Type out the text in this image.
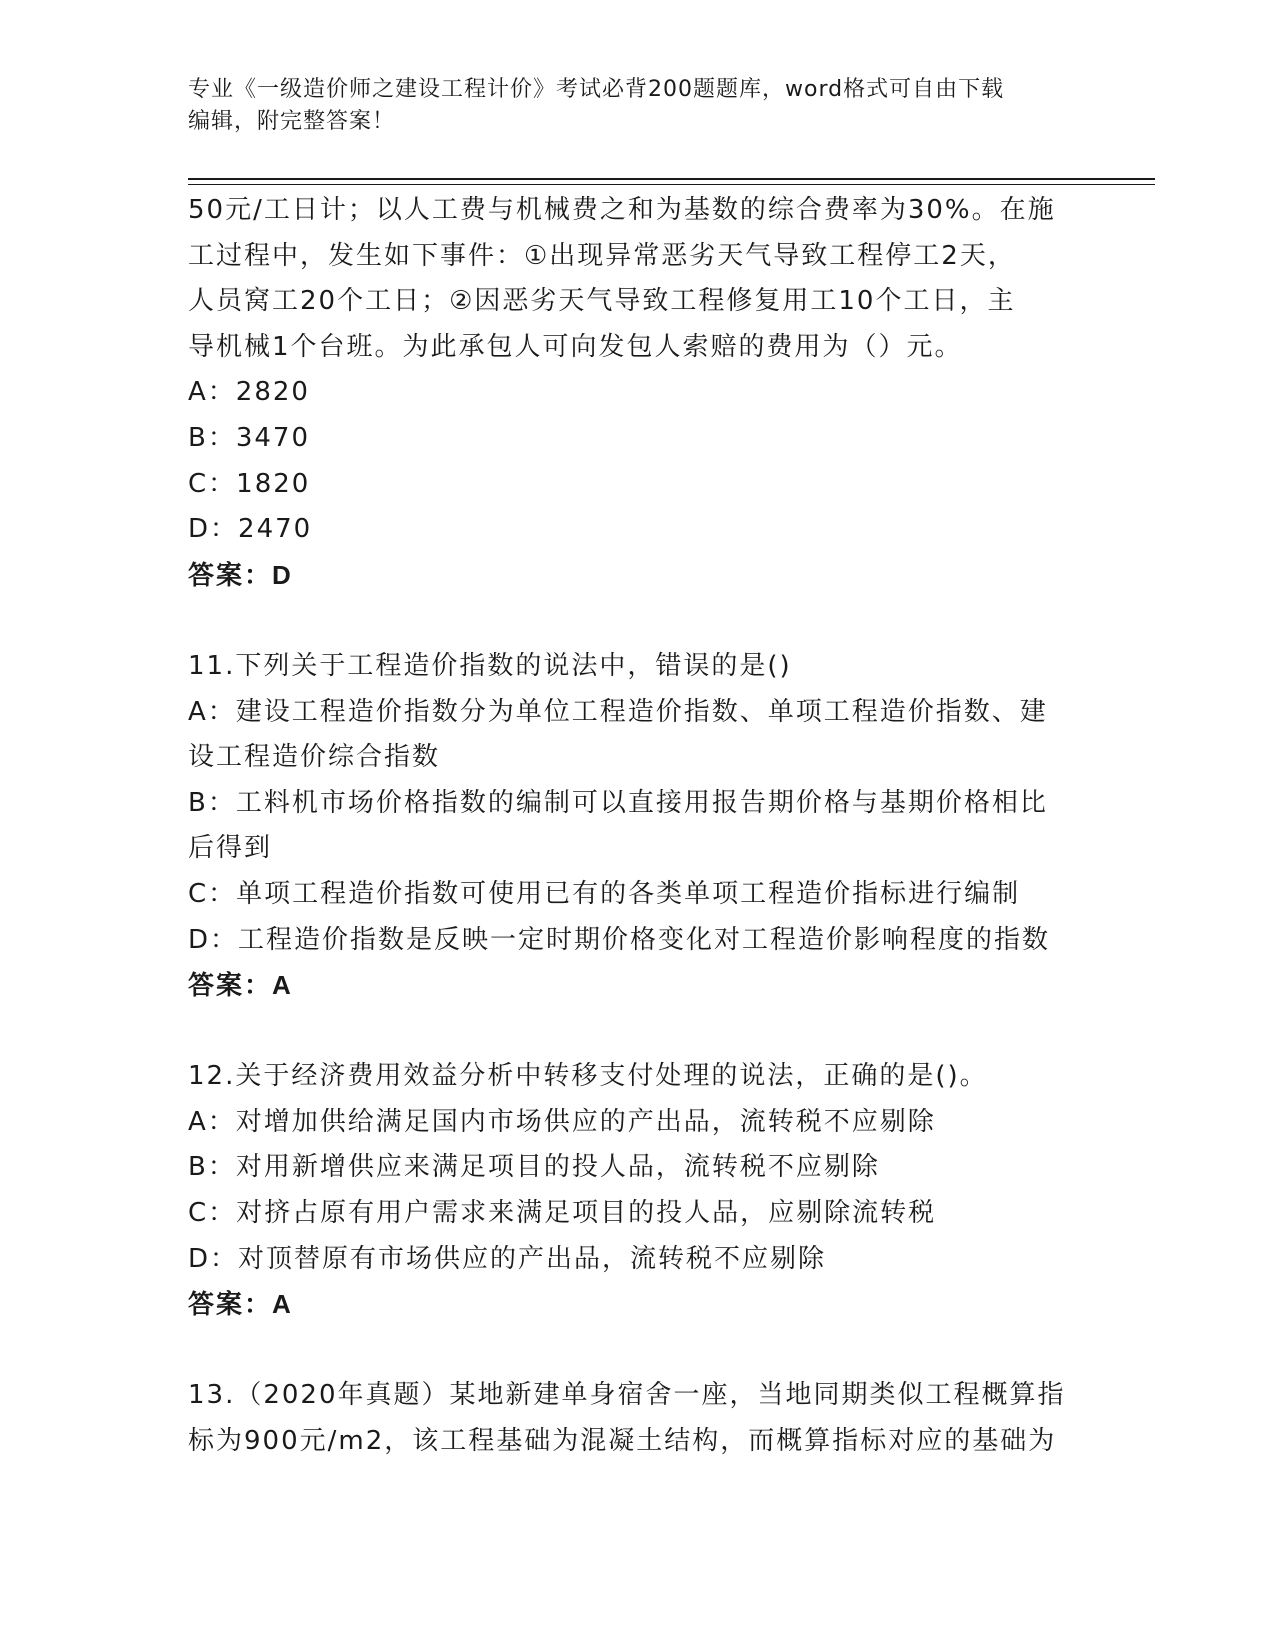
专业《一级造价师之建设工程计价》考试必背200题题库，word格式可自由下载
编辑，附完整答案！
50元/工日计；以人工费与机械费之和为基数的综合费率为30%。在施
工过程中，发生如下事件：①出现异常恶劣天气导致工程停工2天，
人员窝工20个工日；②因恶劣天气导致工程修复用工10个工日，主
导机械1个台班。为此承包人可向发包人索赔的费用为（）元。
A：2820
B：3470
C：1820
D：2470
答案：D
11.下列关于工程造价指数的说法中，错误的是()
A：建设工程造价指数分为单位工程造价指数、单项工程造价指数、建
设工程造价综合指数
B：工料机市场价格指数的编制可以直接用报告期价格与基期价格相比
后得到
C：单项工程造价指数可使用已有的各类单项工程造价指标进行编制
D：工程造价指数是反映一定时期价格变化对工程造价影响程度的指数
答案：A
12.关于经济费用效益分析中转移支付处理的说法，正确的是()。
A：对增加供给满足国内市场供应的产出品，流转税不应剔除
B：对用新增供应来满足项目的投人品，流转税不应剔除
C：对挤占原有用户需求来满足项目的投人品，应剔除流转税
D：对顶替原有市场供应的产出品，流转税不应剔除
答案：A
13.（2020年真题）某地新建单身宿舍一座，当地同期类似工程概算指
标为900元/m2，该工程基础为混凝土结构，而概算指标对应的基础为
